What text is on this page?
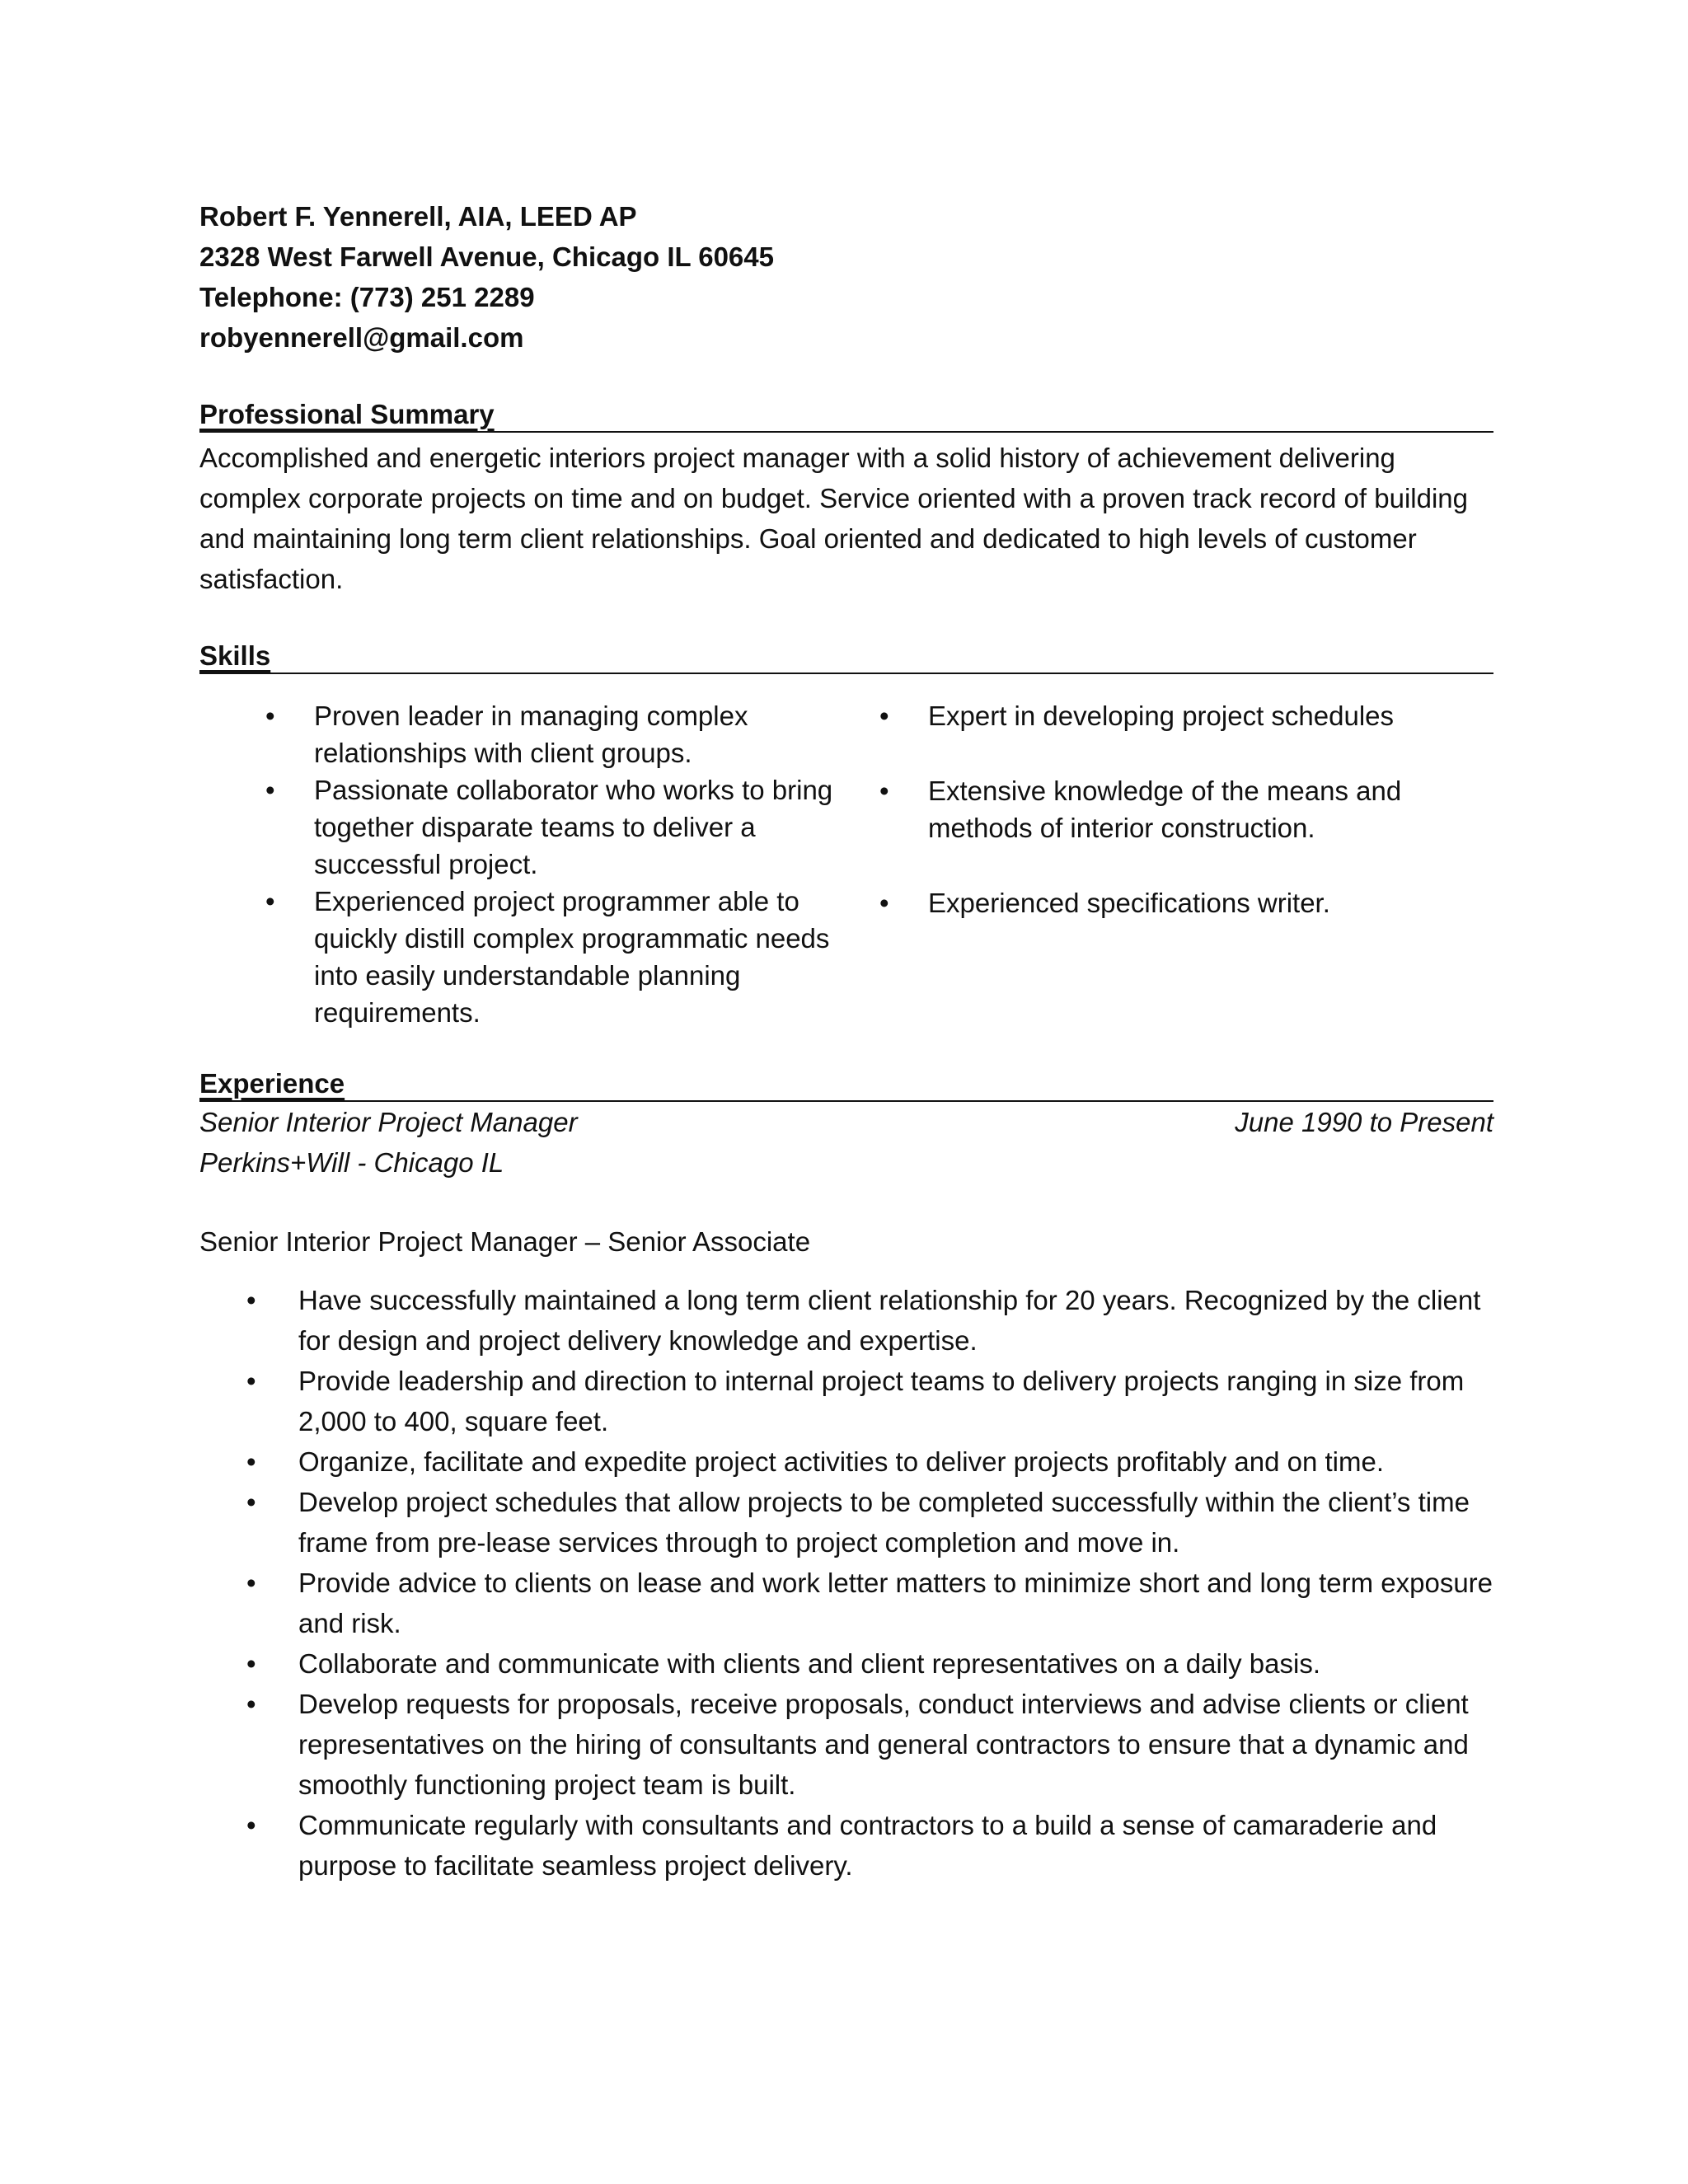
Robert F. Yennerell, AIA, LEED AP

2328 West Farwell Avenue, Chicago IL 60645

Telephone: (773) 251 2289

robyennerell@gmail.com

Professional Summary

Accomplished and energetic interiors project manager with a solid history of achievement delivering complex corporate projects on time and on budget. Service oriented with a proven track record of building and maintaining long term client relationships. Goal oriented and dedicated to high levels of customer satisfaction.

Skills

• Proven leader in managing complex relationships with client groups.
• Passionate collaborator who works to bring together disparate teams to deliver a successful project.
• Experienced project programmer able to quickly distill complex programmatic needs into easily understandable planning requirements.
• Expert in developing project schedules
• Extensive knowledge of the means and methods of interior construction.
• Experienced specifications writer.

Experience

Senior Interior Project Manager	June 1990 to Present
Perkins+Will - Chicago IL
Senior Interior Project Manager – Senior Associate
• Have successfully maintained a long term client relationship for 20 years. Recognized by the client for design and project delivery knowledge and expertise.
• Provide leadership and direction to internal project teams to delivery projects ranging in size from 2,000 to 400, square feet.
• Organize, facilitate and expedite project activities to deliver projects profitably and on time.
• Develop project schedules that allow projects to be completed successfully within the client’s time frame from pre-lease services through to project completion and move in.
• Provide advice to clients on lease and work letter matters to minimize short and long term exposure and risk.
• Collaborate and communicate with clients and client representatives on a daily basis.
• Develop requests for proposals, receive proposals, conduct interviews and advise clients or client representatives on the hiring of consultants and general contractors to ensure that a dynamic and smoothly functioning project team is built.
• Communicate regularly with consultants and contractors to a build a sense of camaraderie and purpose to facilitate seamless project delivery.
